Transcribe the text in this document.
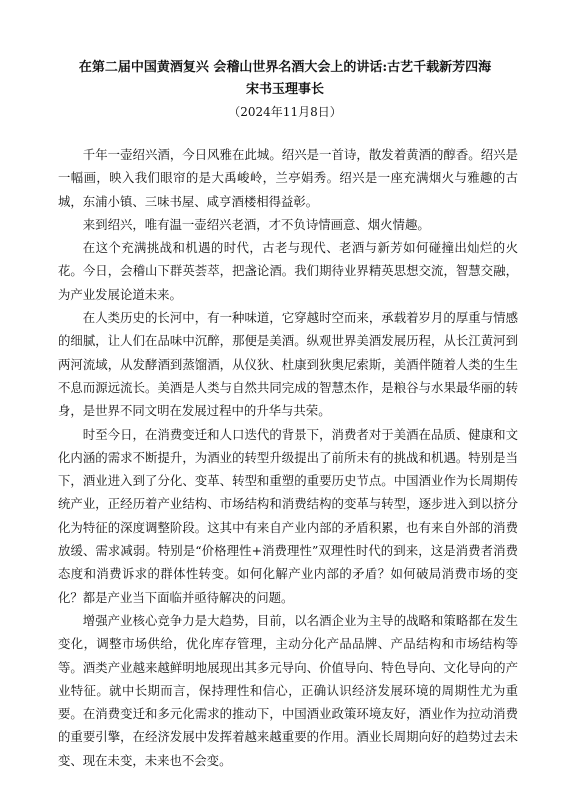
在第二届中国黄酒复兴 会稽山世界名酒大会上的讲话:古艺千载新芳四海
宋书玉理事长
（2024年11月8日）

千年一壶绍兴酒，今日风雅在此城。绍兴是一首诗，散发着黄酒的醇香。绍兴是一幅画，映入我们眼帘的是大禹峻岭，兰亭娟秀。绍兴是一座充满烟火与雅趣的古城，东浦小镇、三味书屋、咸亨酒楼相得益彰。

来到绍兴，唯有温一壶绍兴老酒，才不负诗情画意、烟火情趣。

在这个充满挑战和机遇的时代，古老与现代、老酒与新芳如何碰撞出灿烂的火花。今日，会稽山下群英荟萃，把盏论酒。我们期待业界精英思想交流，智慧交融，为产业发展论道未来。

在人类历史的长河中，有一种味道，它穿越时空而来，承载着岁月的厚重与情感的细腻，让人们在品味中沉醉，那便是美酒。纵观世界美酒发展历程，从长江黄河到两河流域，从发酵酒到蒸馏酒，从仪狄、杜康到狄奥尼索斯，美酒伴随着人类的生生不息而源远流长。美酒是人类与自然共同完成的智慧杰作，是粮谷与水果最华丽的转身，是世界不同文明在发展过程中的升华与共荣。

时至今日，在消费变迁和人口迭代的背景下，消费者对于美酒在品质、健康和文化内涵的需求不断提升，为酒业的转型升级提出了前所未有的挑战和机遇。特别是当下，酒业进入到了分化、变革、转型和重塑的重要历史节点。中国酒业作为长周期传统产业，正经历着产业结构、市场结构和消费结构的变革与转型，逐步进入到以挤分化为特征的深度调整阶段。这其中有来自产业内部的矛盾积累，也有来自外部的消费放缓、需求减弱。特别是“价格理性+消费理性”双理性时代的到来，这是消费者消费态度和消费诉求的群体性转变。如何化解产业内部的矛盾？如何破局消费市场的变化？都是产业当下面临并亟待解决的问题。

增强产业核心竞争力是大趋势，目前，以名酒企业为主导的战略和策略都在发生变化，调整市场供给，优化库存管理，主动分化产品品牌、产品结构和市场结构等等。酒类产业越来越鲜明地展现出其多元导向、价值导向、特色导向、文化导向的产业特征。就中长期而言，保持理性和信心，正确认识经济发展环境的周期性尤为重要。在消费变迁和多元化需求的推动下，中国酒业政策环境友好，酒业作为拉动消费的重要引擎，在经济发展中发挥着越来越重要的作用。酒业长周期向好的趋势过去未变、现在未变，未来也不会变。
